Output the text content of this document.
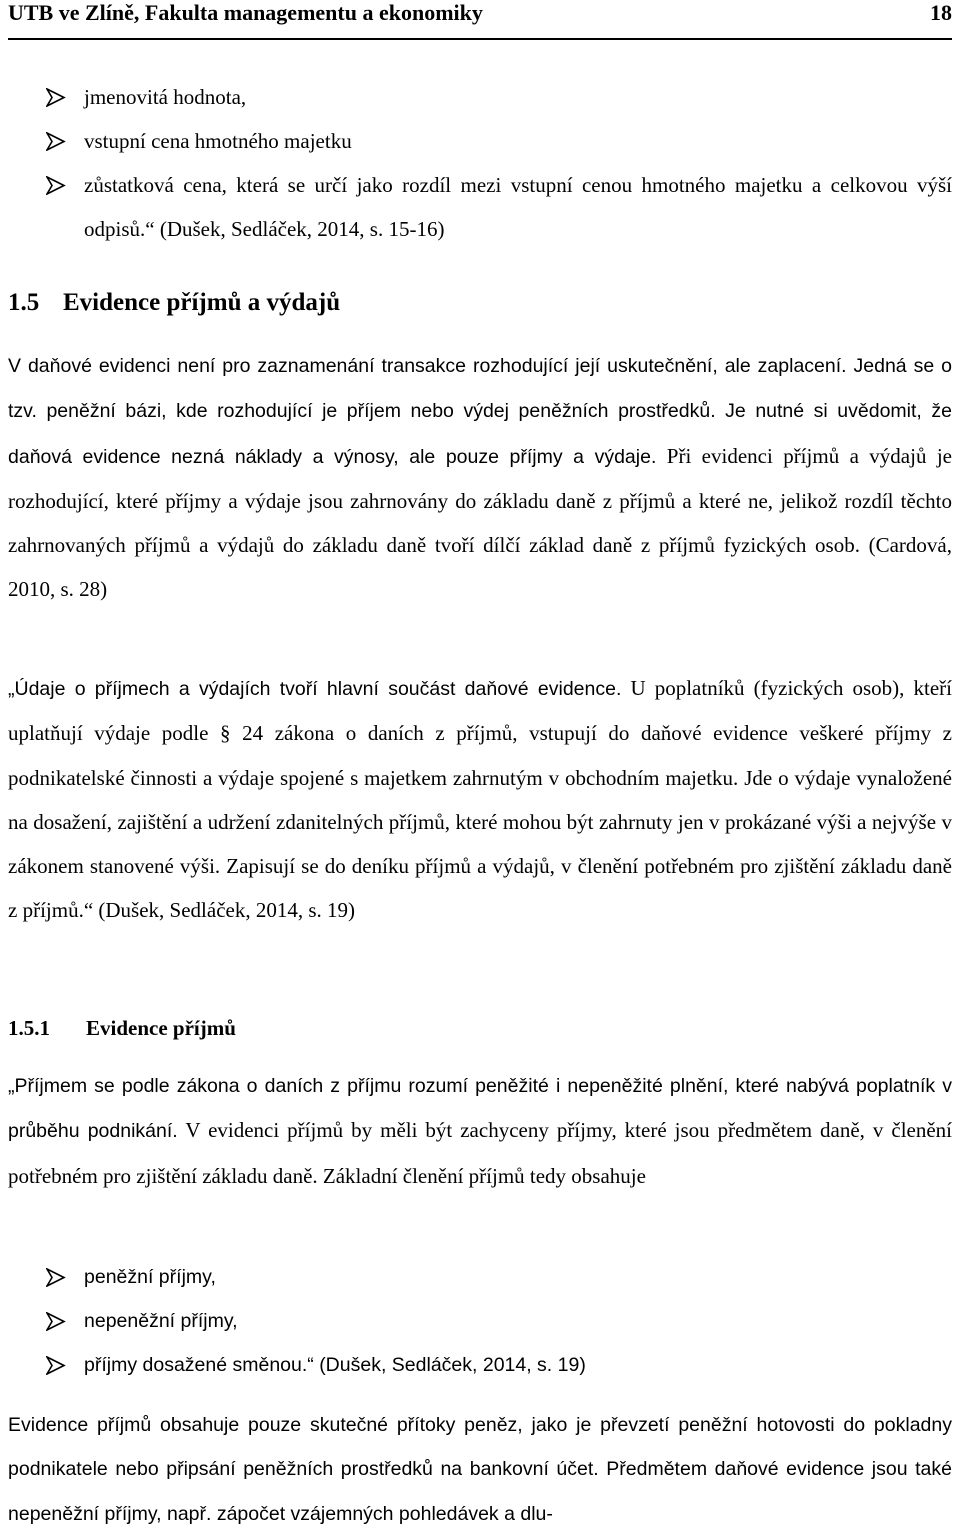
UTB ve Zlíně, Fakulta managementu a ekonomiky	18
jmenovitá hodnota,
vstupní cena hmotného majetku
zůstatková cena, která se určí jako rozdíl mezi vstupní cenou hmotného majetku a celkovou výší odpisů.“ (Dušek, Sedláček, 2014, s. 15-16)
1.5 Evidence příjmů a výdajů

V daňové evidenci není pro zaznamenání transakce rozhodující její uskutečnění, ale zaplacení. Jedná se o tzv. peněžní bázi, kde rozhodující je příjem nebo výdej peněžních prostředků. Je nutné si uvědomit, že daňová evidence nezná náklady a výnosy, ale pouze příjmy a výdaje. Při evidenci příjmů a výdajů je rozhodující, které příjmy a výdaje jsou zahrnovány do základu daně z příjmů a které ne, jelikož rozdíl těchto zahrnovaných příjmů a výdajů do základu daně tvoří dílčí základ daně z příjmů fyzických osob. (Cardová, 2010, s. 28)

„Údaje o příjmech a výdajích tvoří hlavní součást daňové evidence. U poplatníků (fyzických osob), kteří uplatňují výdaje podle § 24 zákona o daních z příjmů, vstupují do daňové evidence veškeré příjmy z podnikatelské činnosti a výdaje spojené s majetkem zahrnutým v obchodním majetku. Jde o výdaje vynaložené na dosažení, zajištění a udržení zdanitelných příjmů, které mohou být zahrnuty jen v prokázané výši a nejvýše v zákonem stanovené výši. Zapisují se do deníku příjmů a výdajů, v členění potřebném pro zjištění základu daně z příjmů.“ (Dušek, Sedláček, 2014, s. 19)

1.5.1 Evidence příjmů

„Příjmem se podle zákona o daních z příjmu rozumí peněžité i nepeněžité plnění, které nabývá poplatník v průběhu podnikání. V evidenci příjmů by měli být zachyceny příjmy, které jsou předmětem daně, v členění potřebném pro zjištění základu daně. Základní členění příjmů tedy obsahuje

peněžní příjmy,
nepeněžní příjmy,
příjmy dosažené směnou.“ (Dušek, Sedláček, 2014, s. 19)

Evidence příjmů obsahuje pouze skutečné přítoky peněz, jako je převzetí peněžní hotovosti do pokladny podnikatele nebo připsání peněžních prostředků na bankovní účet. Předmětem daňové evidence jsou také nepeněžní příjmy, např. zápočet vzájemných pohledávek a dlu-
